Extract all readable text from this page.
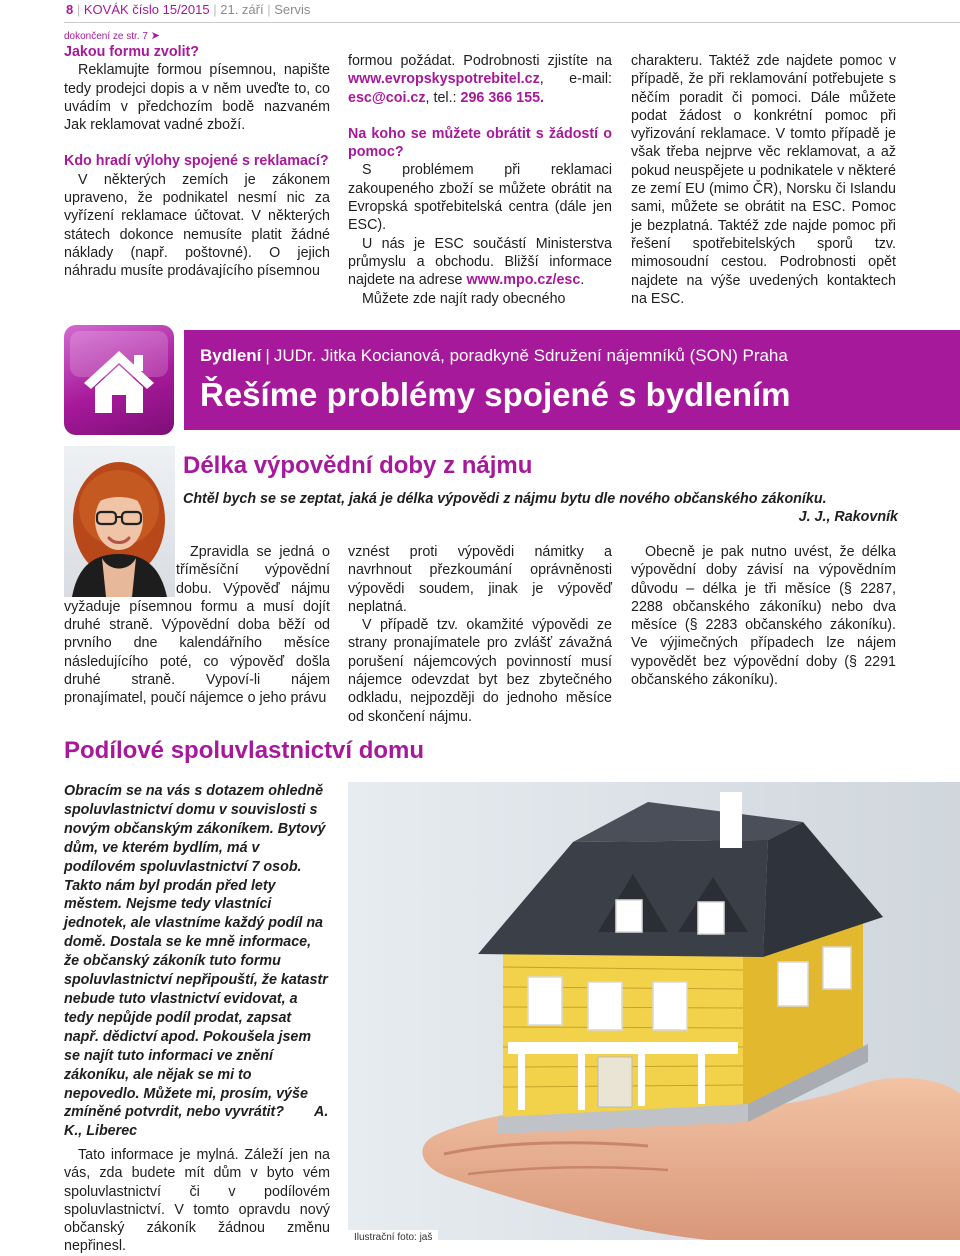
8 | KOVÁK číslo 15/2015 | 21. září | Servis
dokončení ze str. 7 ➤
Jakou formu zvolit?

Reklamujte formou písemnou, napište tedy prodejci dopis a v něm uveďte to, co uvádím v předchozím bodě nazvaném Jak reklamovat vadné zboží.

Kdo hradí výlohy spojené s reklamací?

V některých zemích je zákonem upraveno, že podnikatel nesmí nic za vyřízení reklamace účtovat. V některých státech dokonce nemusíte platit žádné náklady (např. poštovné). O jejich náhradu musíte prodávajícího písemnou

formou požádat. Podrobnosti zjistíte na www.evropskyspotrebitel.cz, e-mail: esc@coi.cz, tel.: 296 366 155.

Na koho se můžete obrátit s žádostí o pomoc?

S problémem při reklamaci zakoupeného zboží se můžete obrátit na Evropská spotřebitelská centra (dále jen ESC).

U nás je ESC součástí Ministerstva průmyslu a obchodu. Bližší informace najdete na adrese www.mpo.cz/esc.

Můžete zde najít rady obecného

charakteru. Taktéž zde najdete pomoc v případě, že při reklamování potřebujete s něčím poradit či pomoci. Dále můžete podat žádost o konkrétní pomoc při vyřizování reklamace. V tomto případě je však třeba nejprve věc reklamovat, a až pokud neuspějete u podnikatele v některé ze zemí EU (mimo ČR), Norsku či Islandu sami, můžete se obrátit na ESC. Pomoc je bezplatná. Taktéž zde najde pomoc při řešení spotřebitelských sporů tzv. mimosoudní cestou. Podrobnosti opět najdete na výše uvedených kontaktech na ESC.

Bydlení | JUDr. Jitka Kocianová, poradkyně Sdružení nájemníků (SON) Praha
Řešíme problémy spojené s bydlením
Délka výpovědní doby z nájmu
Chtěl bych se se zeptat, jaká je délka výpovědi z nájmu bytu dle nového občanského zákoníku.
J. J., Rakovník

Zpravidla se jedná o tříměsíční výpovědní dobu. Výpověď nájmu vyžaduje písemnou formu a musí dojít druhé straně. Výpovědní doba běží od prvního dne kalendářního měsíce následujícího poté, co výpověď došla druhé straně. Vypoví-li nájem pronajímatel, poučí nájemce o jeho právu

vznést proti výpovědi námitky a navrhnout přezkoumání oprávněnosti výpovědi soudem, jinak je výpověď neplatná.

V případě tzv. okamžité výpovědi ze strany pronajímatele pro zvlášť závažná porušení nájemcových povinností musí nájemce odevzdat byt bez zbytečného odkladu, nejpozději do jednoho měsíce od skončení nájmu.

Obecně je pak nutno uvést, že délka výpovědní doby závisí na výpovědním důvodu – délka je tři měsíce (§ 2287, 2288 občanského zákoníku) nebo dva měsíce (§ 2283 občanského zákoníku). Ve výjimečných případech lze nájem vypovědět bez výpovědní doby (§ 2291 občanského zákoníku).

Podílové spoluvlastnictví domu
Obracím se na vás s dotazem ohledně spoluvlastnictví domu v souvislosti s novým občanským zákoníkem. Bytový dům, ve kterém bydlím, má v podílovém spoluvlastnictví 7 osob. Takto nám byl prodán před lety městem. Nejsme tedy vlastníci jednotek, ale vlastníme každý podíl na domě. Dostala se ke mně informace, že občanský zákoník tuto formu spoluvlastnictví nepřipouští, že katastr nebude tuto vlastnictví evidovat, a tedy nepůjde podíl prodat, zapsat např. dědictví apod. Pokoušela jsem se najít tuto informaci ve znění zákoníku, ale nějak se mi to nepovedlo. Můžete mi, prosím, výše zmíněné potvrdit, nebo vyvrátit? A. K., Liberec

Tato informace je mylná. Záleží jen na vás, zda budete mít dům v byto vém spoluvlastnictví či v podílovém spoluvlastnictví. V tomto opravdu nový občanský zákoník žádnou změnu nepřinesl.

Ilustrační foto: jaš
